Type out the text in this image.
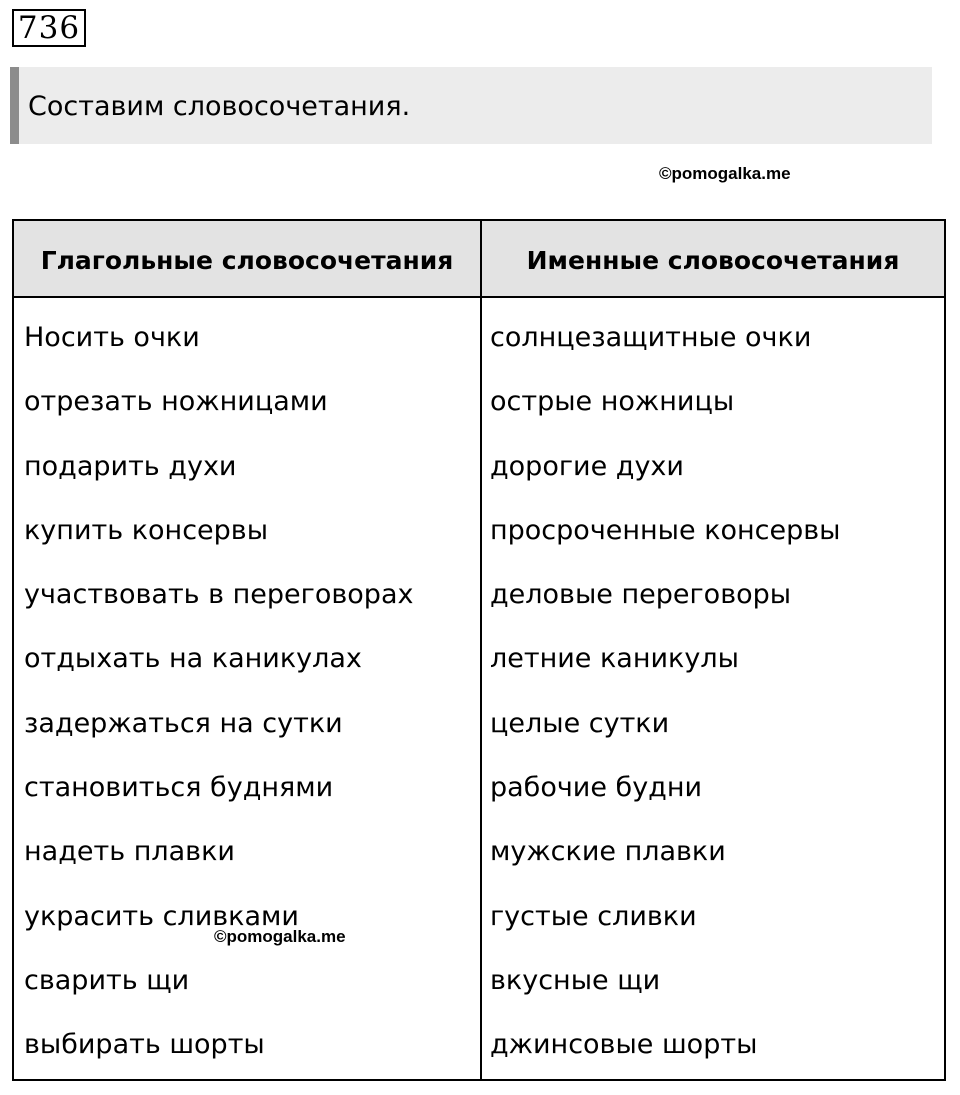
736
Составим словосочетания.
©pomogalka.me
Глагольные словосочетания	Именные словосочетания
Носить очки
отрезать ножницами
подарить духи
купить консервы
участвовать в переговорах
отдыхать на каникулах
задержаться на сутки
становиться буднями
надеть плавки
украсить сливками
сварить щи
выбирать шорты
солнцезащитные очки
острые ножницы
дорогие духи
просроченные консервы
деловые переговоры
летние каникулы
целые сутки
рабочие будни
мужские плавки
густые сливки
вкусные щи
джинсовые шорты
©pomogalka.me
